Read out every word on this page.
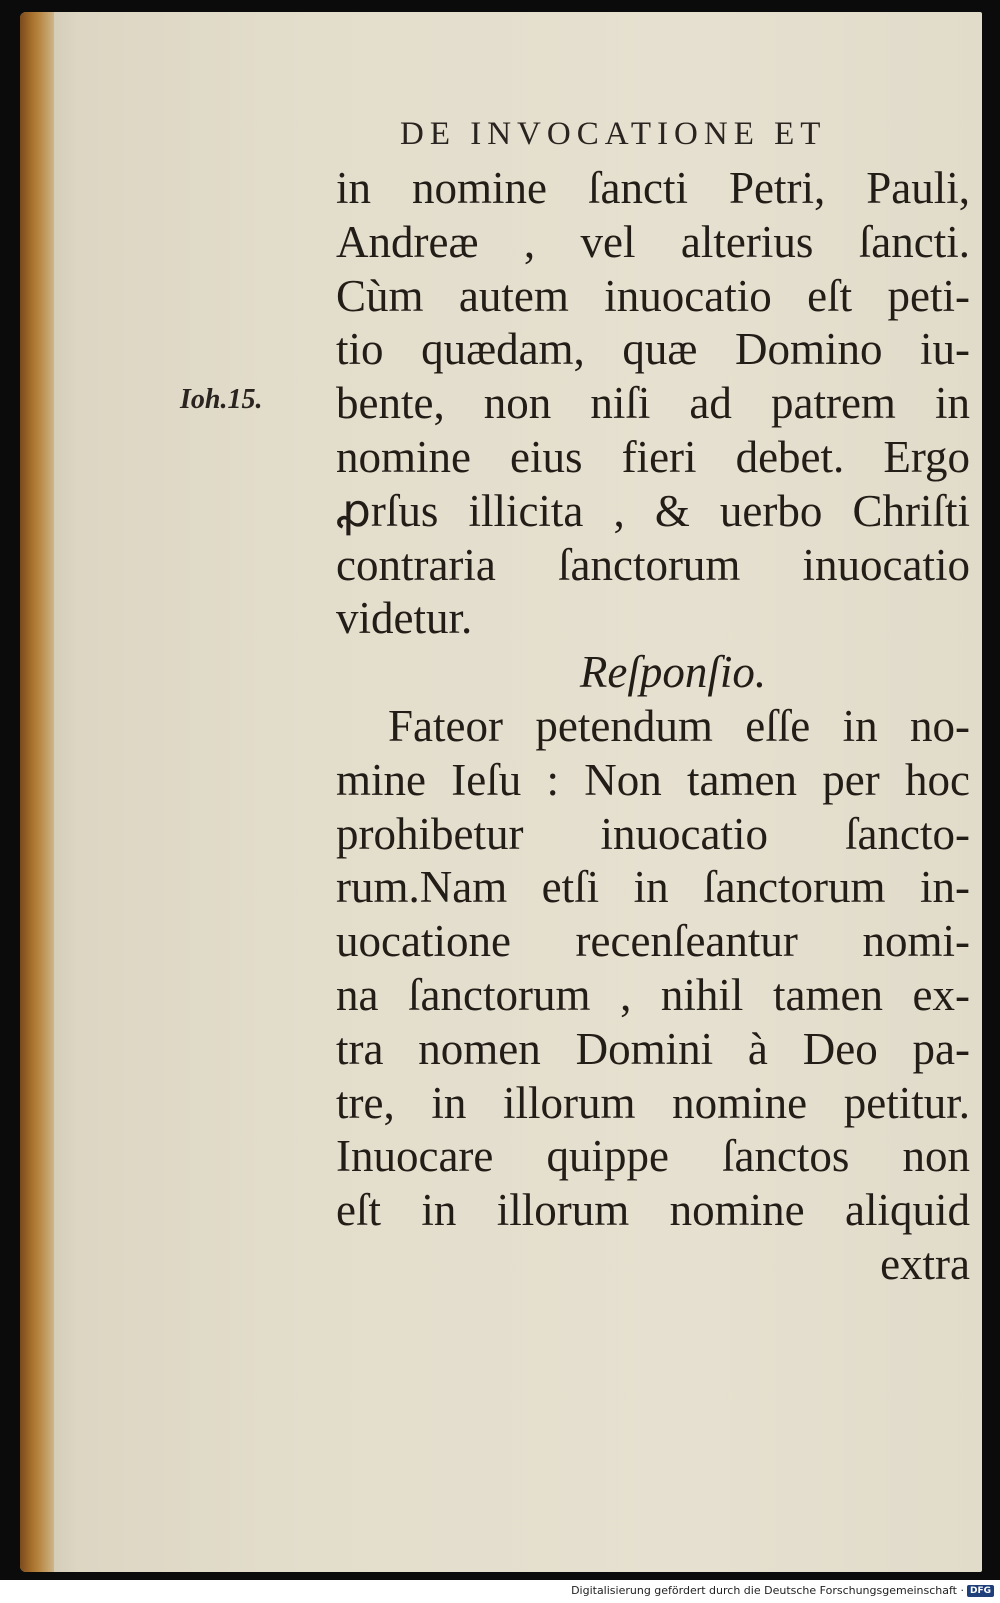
DE INVOCATIONE ET
Ioh.15.
in nomine ſancti Petri, Pauli,
Andreæ , vel alterius ſancti.
Cùm autem inuocatio eſt peti-
tio quædam, quæ Domino iu-
bente, non niſi ad patrem in
nomine eius fieri debet. Ergo
ꝓrſus illicita , & uerbo Chriſti
contraria ſanctorum inuocatio
videtur.
Reſponſio.
Fateor petendum eſſe in no-
mine Ieſu : Non tamen per hoc
prohibetur inuocatio ſancto-
rum.Nam etſi in ſanctorum in-
uocatione recenſeantur nomi-
na ſanctorum , nihil tamen ex-
tra nomen Domini à Deo pa-
tre, in illorum nomine petitur.
Inuocare quippe ſanctos non
eſt in illorum nomine aliquid
extra
Digitalisierung gefördert durch die Deutsche Forschungsgemeinschaft · DFG
